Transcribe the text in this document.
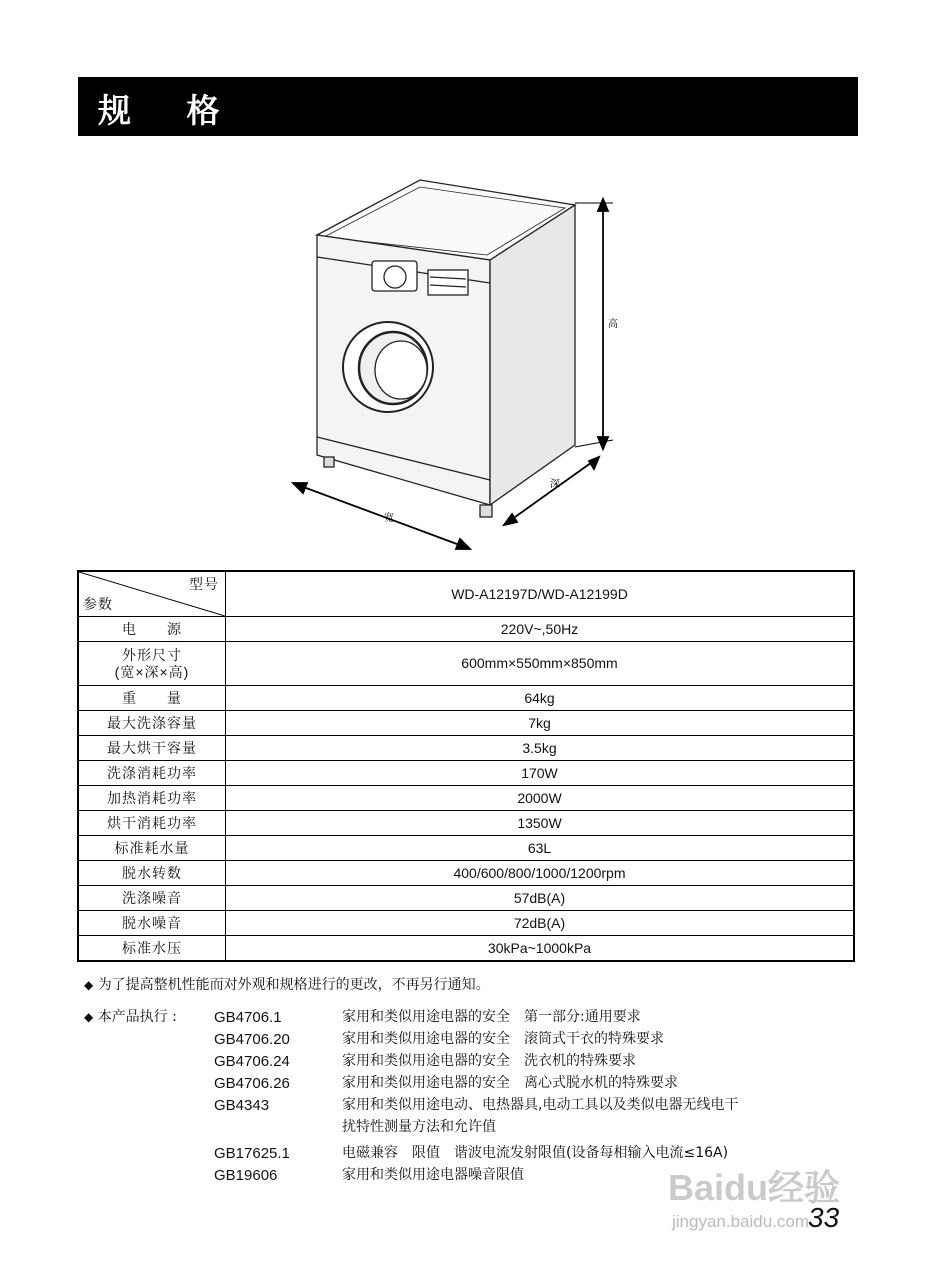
规 格
高
深
宽
型号
参数	WD-A12197D/WD-A12199D
电　　源	220V~,50Hz

外形尺寸
(宽×深×高)	600mm×550mm×850mm
重　　量	64kg
最大洗涤容量	7kg
最大烘干容量	3.5kg
洗涤消耗功率	170W
加热消耗功率	2000W
烘干消耗功率	1350W
标准耗水量	63L
脱水转数	400/600/800/1000/1200rpm
洗涤噪音	57dB(A)
脱水噪音	72dB(A)
标准水压	30kPa~1000kPa
◆ 为了提高整机性能而对外观和规格进行的更改，不再另行通知。
◆ 本产品执行 : GB4706.1	家用和类似用途电器的安全　第一部分:通用要求
GB4706.20	家用和类似用途电器的安全　滚筒式干衣的特殊要求
GB4706.24	家用和类似用途电器的安全　洗衣机的特殊要求
GB4706.26	家用和类似用途电器的安全　离心式脱水机的特殊要求
GB4343	家用和类似用途电动、电热器具,电动工具以及类似电器无线电干
扰特性测量方法和允许值
GB17625.1	电磁兼容　限值　谐波电流发射限值(设备每相输入电流≤16A)
GB19606	家用和类似用途电器噪音限值	Baidu经验
jingyan.baidu.com
33
